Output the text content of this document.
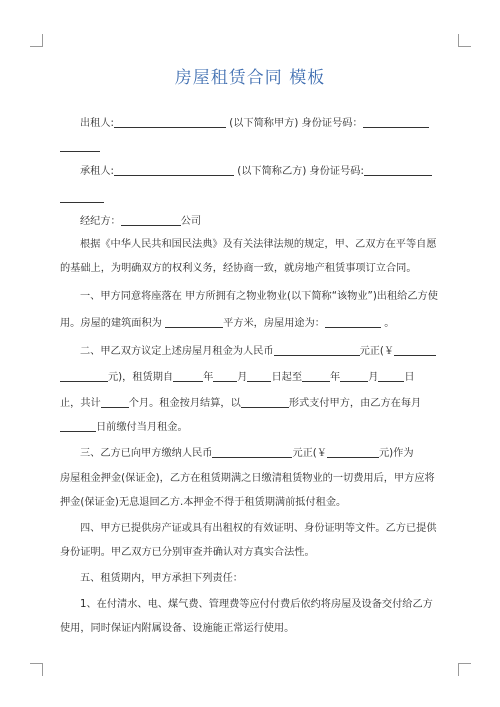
房屋租赁合同 模板
出租人:	(以下简称甲方) 身份证号码：
承租人:	(以下简称乙方) 身份证号码:
经纪方：	公司
根据《中华人民共和国民法典》及有关法律法规的规定，甲、乙双方在平等自愿
的基础上，为明确双方的权利义务，经协商一致，就房地产租赁事项订立合同。
一、甲方同意将座落在 甲方所拥有之物业物业(以下简称“该物业”)出租给乙方使
用。房屋的建筑面积为	平方米，房屋用途为：	。
二、甲乙双方议定上述房屋月租金为人民币	元正(￥
元)，租赁期自	年 月 日起至	年	月	日
止，共计	个月。租金按月结算，以	形式支付甲方，由乙方在每月
日前缴付当月租金。
三、乙方已向甲方缴纳人民币	元正(￥	元)作为
房屋租金押金(保证金)，乙方在租赁期满之日缴清租赁物业的一切费用后，甲方应将
押金(保证金)无息退回乙方.本押金不得于租赁期满前抵付租金。
四、甲方已提供房产证或具有出租权的有效证明、身份证明等文件。乙方已提供
身份证明。甲乙双方已分别审查并确认对方真实合法性。
五、租赁期内，甲方承担下列责任：
1、在付清水、电、煤气费、管理费等应付付费后依约将房屋及设备交付给乙方
使用，同时保证内附属设备、设施能正常运行使用。
